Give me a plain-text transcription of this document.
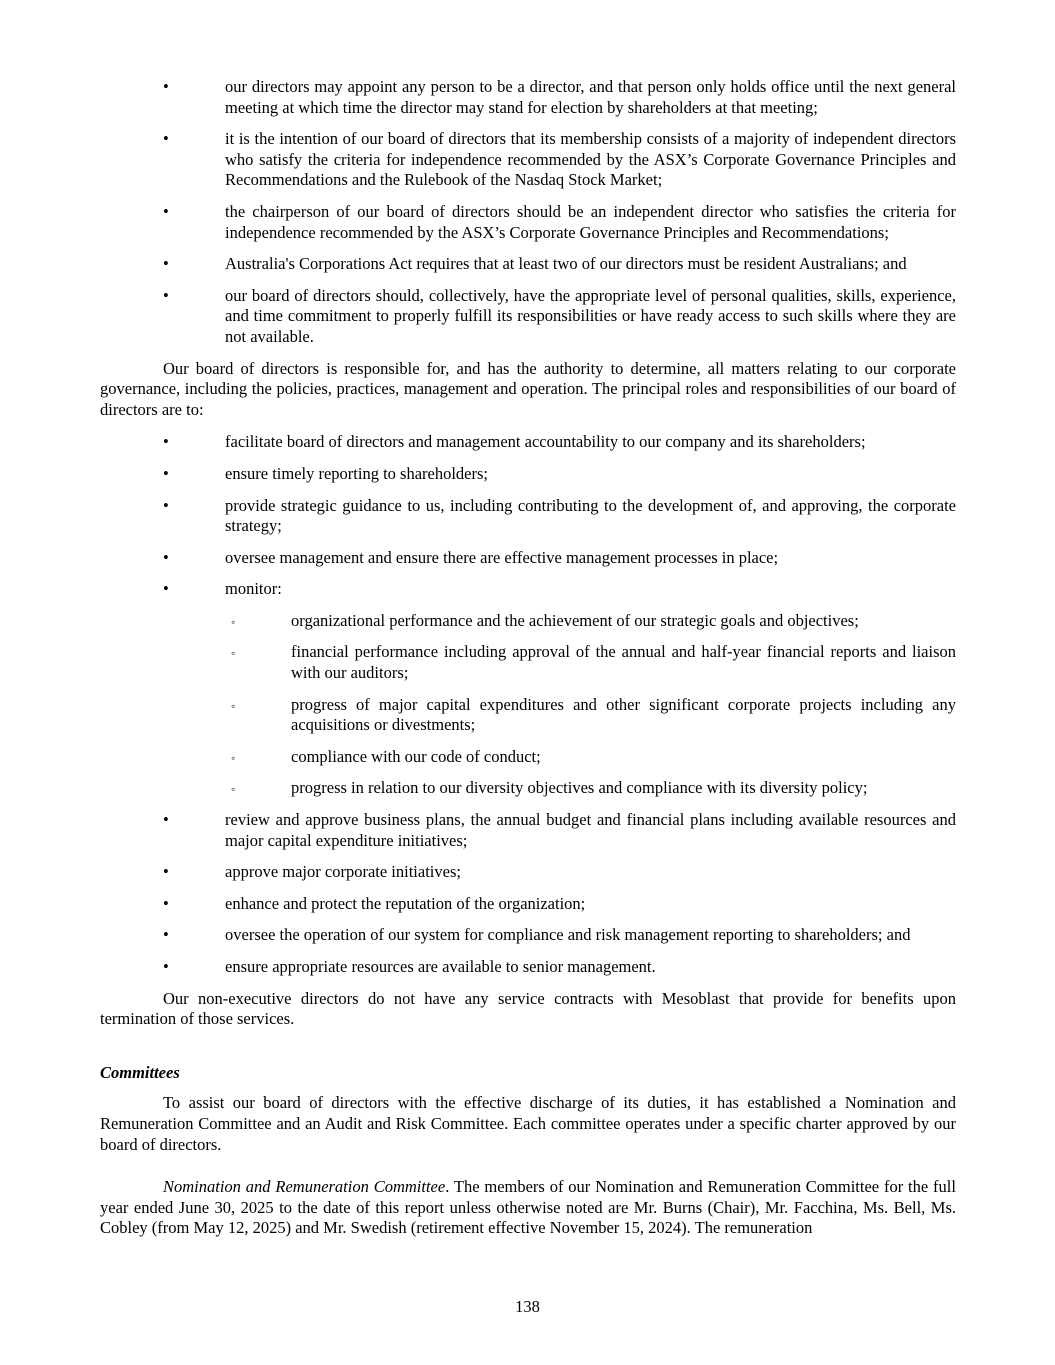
•	our directors may appoint any person to be a director, and that person only holds office until the next general meeting at which time the director may stand for election by shareholders at that meeting;
•	it is the intention of our board of directors that its membership consists of a majority of independent directors who satisfy the criteria for independence recommended by the ASX’s Corporate Governance Principles and Recommendations and the Rulebook of the Nasdaq Stock Market;
•	the chairperson of our board of directors should be an independent director who satisfies the criteria for independence recommended by the ASX’s Corporate Governance Principles and Recommendations;
•	Australia's Corporations Act requires that at least two of our directors must be resident Australians; and
•	our board of directors should, collectively, have the appropriate level of personal qualities, skills, experience, and time commitment to properly fulfill its responsibilities or have ready access to such skills where they are not available.

Our board of directors is responsible for, and has the authority to determine, all matters relating to our corporate governance, including the policies, practices, management and operation. The principal roles and responsibilities of our board of directors are to:

•	facilitate board of directors and management accountability to our company and its shareholders;
•	ensure timely reporting to shareholders;
•	provide strategic guidance to us, including contributing to the development of, and approving, the corporate strategy;
•	oversee management and ensure there are effective management processes in place;
•	monitor:
◦	organizational performance and the achievement of our strategic goals and objectives;
◦	financial performance including approval of the annual and half-year financial reports and liaison with our auditors;
◦	progress of major capital expenditures and other significant corporate projects including any acquisitions or divestments;
◦	compliance with our code of conduct;
◦	progress in relation to our diversity objectives and compliance with its diversity policy;
•	review and approve business plans, the annual budget and financial plans including available resources and major capital expenditure initiatives;
•	approve major corporate initiatives;
•	enhance and protect the reputation of the organization;
•	oversee the operation of our system for compliance and risk management reporting to shareholders; and
•	ensure appropriate resources are available to senior management.

Our non-executive directors do not have any service contracts with Mesoblast that provide for benefits upon termination of those services.

Committees

To assist our board of directors with the effective discharge of its duties, it has established a Nomination and Remuneration Committee and an Audit and Risk Committee. Each committee operates under a specific charter approved by our board of directors.

Nomination and Remuneration Committee. The members of our Nomination and Remuneration Committee for the full year ended June 30, 2025 to the date of this report unless otherwise noted are Mr. Burns (Chair), Mr. Facchina, Ms. Bell, Ms. Cobley (from May 12, 2025) and Mr. Swedish (retirement effective November 15, 2024). The remuneration

138
